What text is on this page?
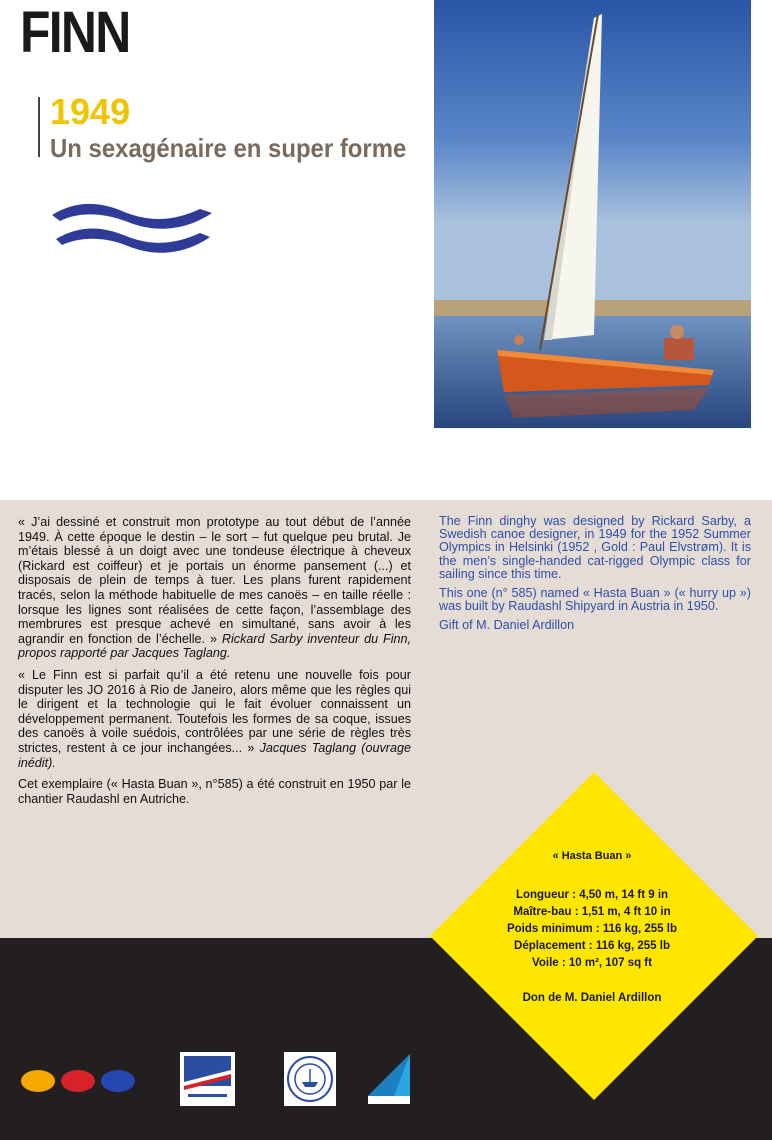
FINN
1949
Un sexagénaire en super forme

« J’ai dessiné et construit mon prototype au tout début de l’année 1949. À cette époque le destin – le sort – fut quelque peu brutal. Je m’étais blessé à un doigt avec une tondeuse électrique à cheveux (Rickard est coiffeur) et je portais un énorme pansement (...) et disposais de plein de temps à tuer. Les plans furent rapidement tracés, selon la méthode habituelle de mes canoës – en taille réelle : lorsque les lignes sont réalisées de cette façon, l’assemblage des membrures est presque achevé en simultané, sans avoir à les agrandir en fonction de l’échelle. » Rickard Sarby inventeur du Finn, propos rapporté par Jacques Taglang.

« Le Finn est si parfait qu’il a été retenu une nouvelle fois pour disputer les JO 2016 à Rio de Janeiro, alors même que les règles qui le dirigent et la technologie qui le fait évoluer connaissent un développement permanent. Toutefois les formes de sa coque, issues des canoës à voile suédois, contrôlées par une série de règles très strictes, restent à ce jour inchangées... » Jacques Taglang (ouvrage inédit).

Cet exemplaire (« Hasta Buan », n°585) a été construit en 1950 par le chantier Raudashl en Autriche.

The Finn dinghy was designed by Rickard Sarby, a Swedish canoe designer, in 1949 for the 1952 Summer Olympics in Helsinki (1952 , Gold : Paul Elvstrøm). It is the men’s single-handed cat-rigged Olympic class for sailing since this time.

This one (n° 585) named « Hasta Buan » (« hurry up ») was built by Raudashl Shipyard in Austria in 1950.

Gift of M. Daniel Ardillon

« Hasta Buan »
Longueur : 4,50 m, 14 ft 9 in
Maître-bau : 1,51 m, 4 ft 10 in
Poids minimum : 116 kg, 255 lb
Déplacement : 116 kg, 255 lb
Voile : 10 m², 107 sq ft
Don de M. Daniel Ardillon
